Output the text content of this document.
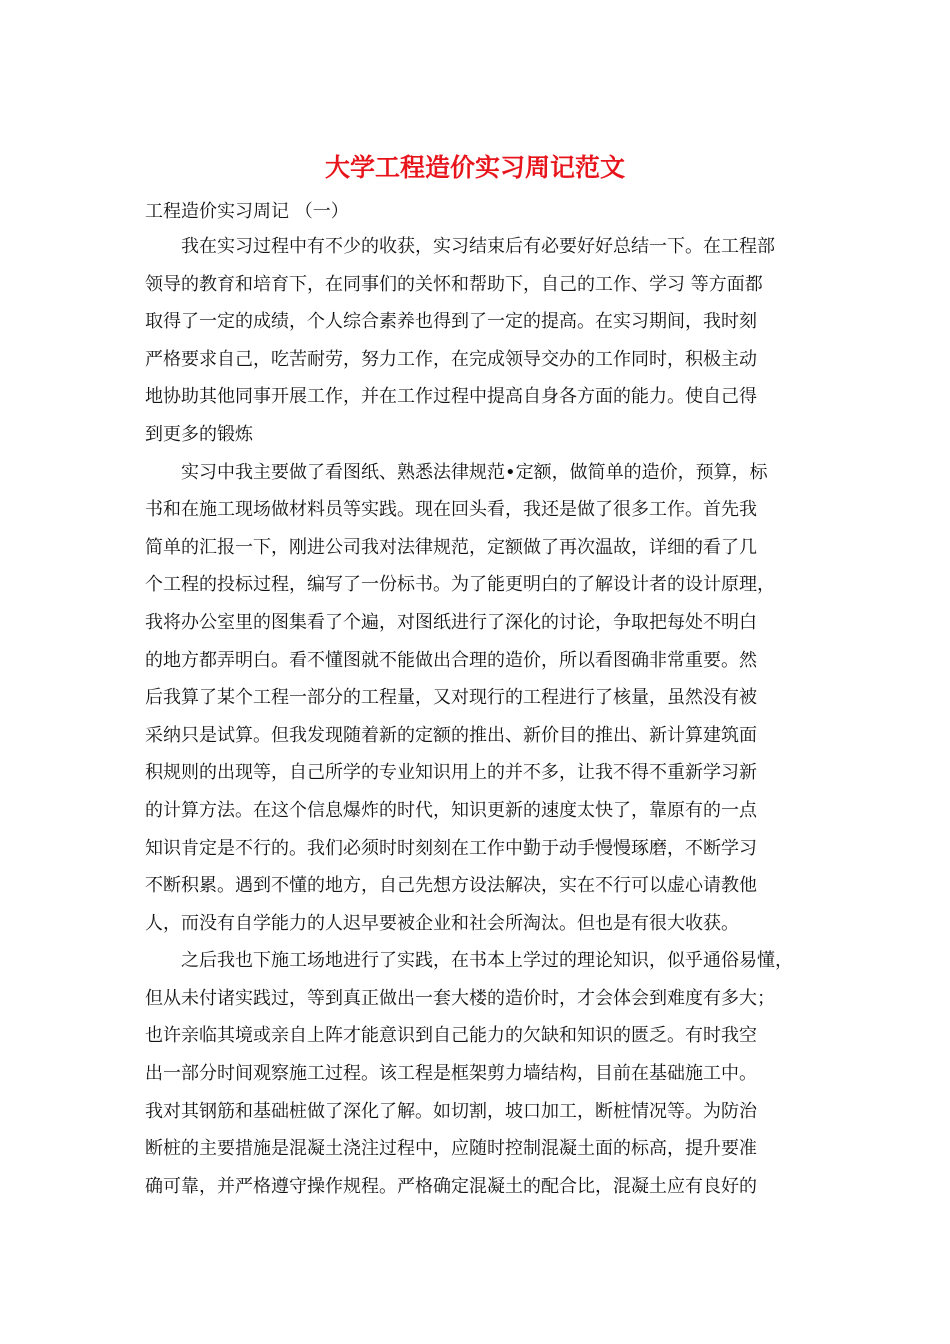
大学工程造价实习周记范文

工程造价实习周记 （一）

　　我在实习过程中有不少的收获，实习结束后有必要好好总结一下。在工程部
领导的教育和培育下，在同事们的关怀和帮助下，自己的工作、学习 等方面都
取得了一定的成绩，个人综合素养也得到了一定的提高。在实习期间，我时刻
严格要求自己，吃苦耐劳，努力工作，在完成领导交办的工作同时，积极主动
地协助其他同事开展工作，并在工作过程中提高自身各方面的能力。使自己得
到更多的锻炼
　　实习中我主要做了看图纸、熟悉法律规范•定额，做简单的造价，预算，标
书和在施工现场做材料员等实践。现在回头看，我还是做了很多工作。首先我
简单的汇报一下，刚进公司我对法律规范，定额做了再次温故，详细的看了几
个工程的投标过程，编写了一份标书。为了能更明白的了解设计者的设计原理，
我将办公室里的图集看了个遍，对图纸进行了深化的讨论，争取把每处不明白
的地方都弄明白。看不懂图就不能做出合理的造价，所以看图确非常重要。然
后我算了某个工程一部分的工程量，又对现行的工程进行了核量，虽然没有被
采纳只是试算。但我发现随着新的定额的推出、新价目的推出、新计算建筑面
积规则的出现等，自己所学的专业知识用上的并不多，让我不得不重新学习新
的计算方法。在这个信息爆炸的时代，知识更新的速度太快了，靠原有的一点
知识肯定是不行的。我们必须时时刻刻在工作中勤于动手慢慢琢磨，不断学习
不断积累。遇到不懂的地方，自己先想方设法解决，实在不行可以虚心请教他
人，而没有自学能力的人迟早要被企业和社会所淘汰。但也是有很大收获。
　　之后我也下施工场地进行了实践，在书本上学过的理论知识，似乎通俗易懂，
但从未付诸实践过，等到真正做出一套大楼的造价时，才会体会到难度有多大；
也许亲临其境或亲自上阵才能意识到自己能力的欠缺和知识的匮乏。有时我空
出一部分时间观察施工过程。该工程是框架剪力墙结构，目前在基础施工中。
我对其钢筋和基础桩做了深化了解。如切割，坡口加工，断桩情况等。为防治
断桩的主要措施是混凝土浇注过程中，应随时控制混凝土面的标高，提升要准
确可靠，并严格遵守操作规程。严格确定混凝土的配合比，混凝土应有良好的
